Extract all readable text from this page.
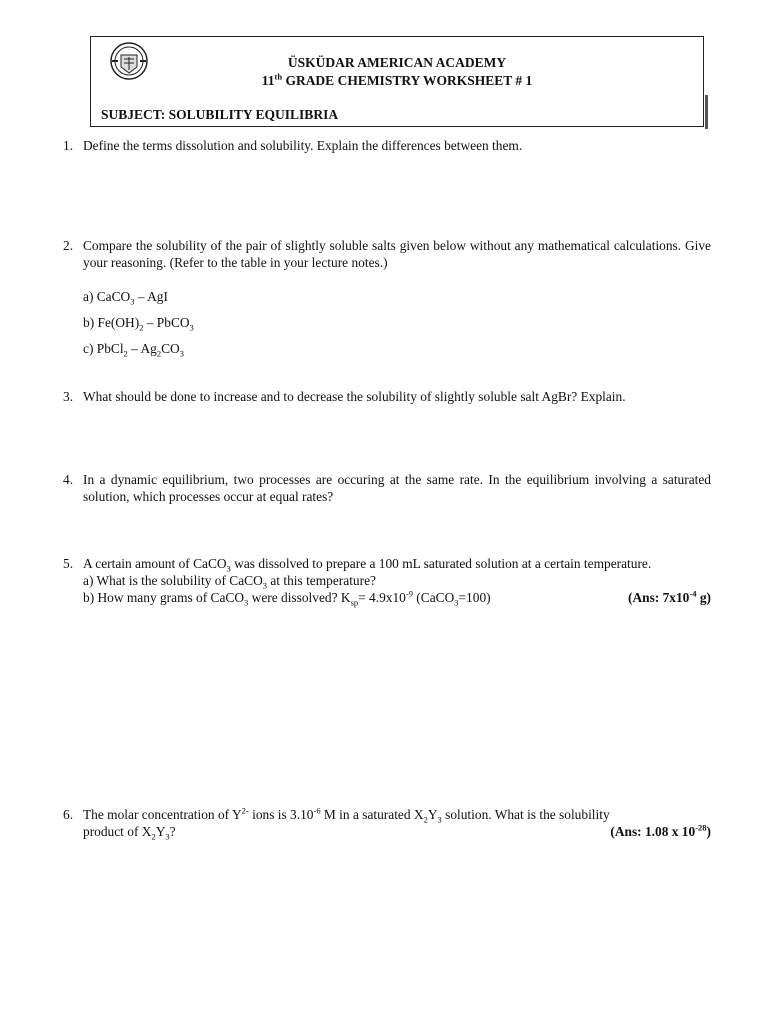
ÜSKÜDAR AMERICAN ACADEMY
11th GRADE CHEMISTRY WORKSHEET # 1
SUBJECT: SOLUBILITY EQUILIBRIA
1. Define the terms dissolution and solubility. Explain the differences between them.
2. Compare the solubility of the pair of slightly soluble salts given below without any mathematical calculations. Give your reasoning. (Refer to the table in your lecture notes.)
a) CaCO$_3$ – AgI
b) $Fe(OH)_2$ – PbCO$_3$
c) PbCl$_2$ – $Ag_2CO_3$
3. What should be done to increase and to decrease the solubility of slightly soluble salt AgBr? Explain.
4. In a dynamic equilibrium, two processes are occuring at the same rate. In the equilibrium involving a saturated solution, which processes occur at equal rates?
5. A certain amount of CaCO$_3$ was dissolved to prepare a 100 mL saturated solution at a certain temperature.
a) What is the solubility of CaCO$_3$ at this temperature?
b) How many grams of CaCO$_3$ were dissolved? $K_{sp}= 4.9x10^{-9}$ (CaCO$_3$=100)	(Ans: $7x10^{-4}$ g)
6. The molar concentration of $Y^{2-}$ ions is $3.10^{-6}$ M in a saturated $X_2Y_3$ solution. What is the solubility
product of $X_2Y_3$?	(Ans: 1.08 x $10^{-28}$)
